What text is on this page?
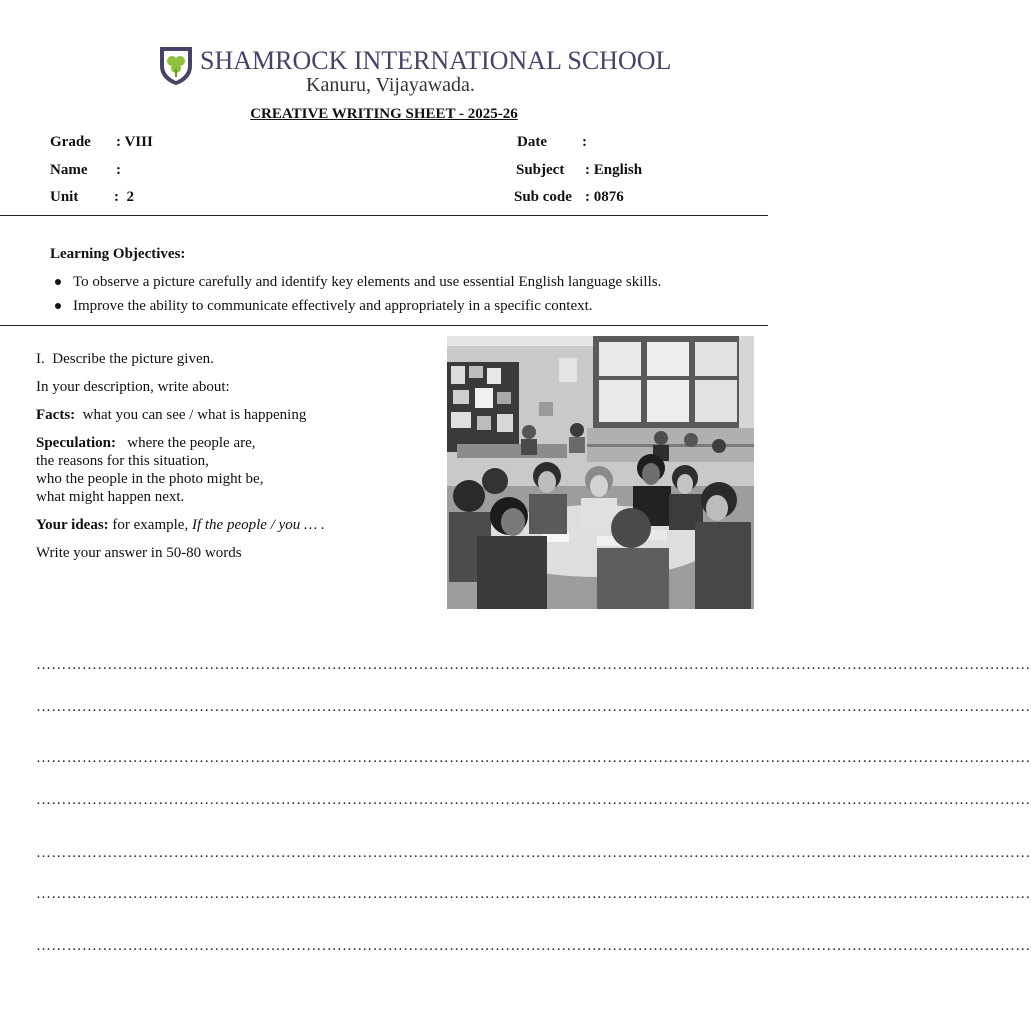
SHAMROCK INTERNATIONAL SCHOOL
Kanuru, Vijayawada.
CREATIVE WRITING SHEET - 2025-26
Grade : VIII
Name :
Unit :  2
Date :
Subject : English
Sub code : 0876
Learning Objectives:
To observe a picture carefully and identify key elements and use essential English language skills.
Improve the ability to communicate effectively and appropriately in a specific context.
I. Describe the picture given.
In your description, write about:
Facts: what you can see / what is happening
Speculation: where the people are,
the reasons for this situation,
who the people in the photo might be,
what might happen next.
Your ideas: for example, If the people / you … .
Write your answer in 50-80 words
……………………………………………………………………………………………………………………………………………………………………………
……………………………………………………………………………………………………………………………………………………………………………
……………………………………………………………………………………………………………………………………………………………………………
……………………………………………………………………………………………………………………………………………………………………………
……………………………………………………………………………………………………………………………………………………………………………
……………………………………………………………………………………………………………………………………………………………………………
……………………………………………………………………………………………………………………………………………………………………………
